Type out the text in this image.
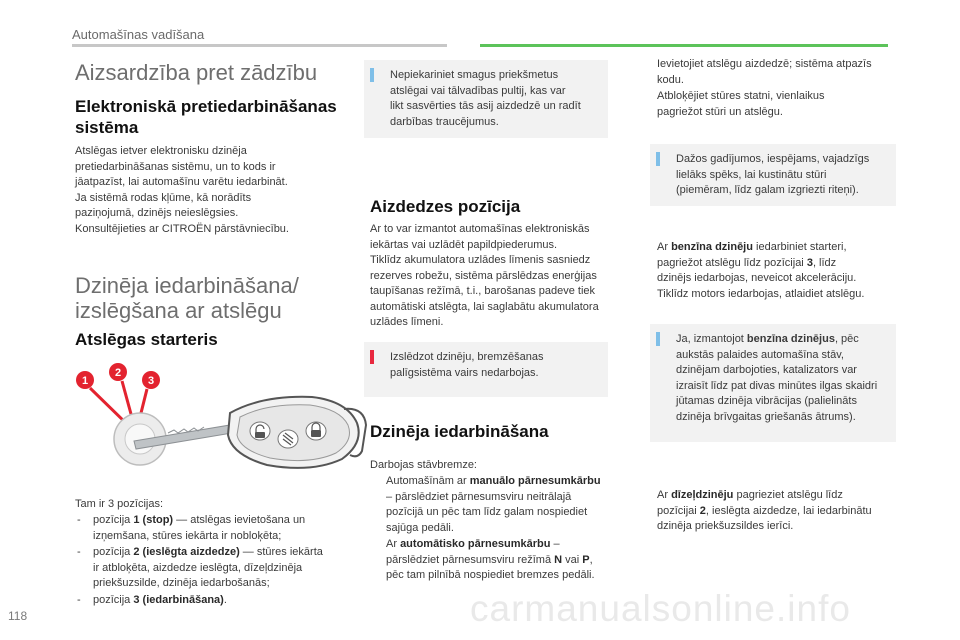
Automašīnas vadīšana
Aizsardzība pret zādzību
Elektroniskā pretiedarbināšanas
sistēma
Atslēgas ietver elektronisku dzinēja
pretiedarbināšanas sistēmu, un to kods ir
jāatpazīst, lai automašīnu varētu iedarbināt.
Ja sistēmā rodas kļūme, kā norādīts
paziņojumā, dzinējs neieslēgsies.
Konsultējieties ar CITROËN pārstāvniecību.
Dzinēja iedarbināšana/
izslēgšana ar atslēgu
Atslēgas starteris
1
2
3
Tam ir 3 pozīcijas:
- pozīcija 1 (stop) — atslēgas ievietošana un
izņemšana, stūres iekārta ir nobloķēta;
- pozīcija 2 (ieslēgta aizdedze) — stūres iekārta
ir atbloķēta, aizdedze ieslēgta, dīzeļdzinēja
priekšuzsilde, dzinēja iedarbošanās;
- pozīcija 3 (iedarbināšana).
Nepiekariniet smagus priekšmetus
atslēgai vai tālvadības pultij, kas var
likt sasvērties tās asij aizdedzē un radīt
darbības traucējumus.
Aizdedzes pozīcija
Ar to var izmantot automašīnas elektroniskās
iekārtas vai uzlādēt papildpiederumus.
Tiklīdz akumulatora uzlādes līmenis sasniedz
rezerves robežu, sistēma pārslēdzas enerģijas
taupīšanas režīmā, t.i., barošanas padeve tiek
automātiski atslēgta, lai saglabātu akumulatora
uzlādes līmeni.
Izslēdzot dzinēju, bremzēšanas
palīgsistēma vairs nedarbojas.
Dzinēja iedarbināšana
Darbojas stāvbremze:
Automašīnām ar manuālo pārnesumkārbu
– pārslēdziet pārnesumsviru neitrālajā
pozīcijā un pēc tam līdz galam nospiediet
sajūga pedāli.
Ar automātisko pārnesumkārbu –
pārslēdziet pārnesumsviru režīmā N vai P,
pēc tam pilnībā nospiediet bremzes pedāli.
Ievietojiet atslēgu aizdedzē; sistēma atpazīs
kodu.
Atbloķējiet stūres statni, vienlaikus
pagriežot stūri un atslēgu.
Dažos gadījumos, iespējams, vajadzīgs
lielāks spēks, lai kustinātu stūri
(piemēram, līdz galam izgriezti riteņi).
Ar benzīna dzinēju iedarbiniet starteri,
pagriežot atslēgu līdz pozīcijai 3, līdz
dzinējs iedarbojas, neveicot akcelerāciju.
Tiklīdz motors iedarbojas, atlaidiet atslēgu.
Ja, izmantojot benzīna dzinējus, pēc
aukstās palaides automašīna stāv,
dzinējam darbojoties, katalizators var
izraisīt līdz pat divas minūtes ilgas skaidri
jūtamas dzinēja vibrācijas (palielināts
dzinēja brīvgaitas griešanās ātrums).
Ar dīzeļdzinēju pagrieziet atslēgu līdz
pozīcijai 2, ieslēgta aizdedze, lai iedarbinātu
dzinēja priekšuzsildes ierīci.
118	carmanualsonline.info
